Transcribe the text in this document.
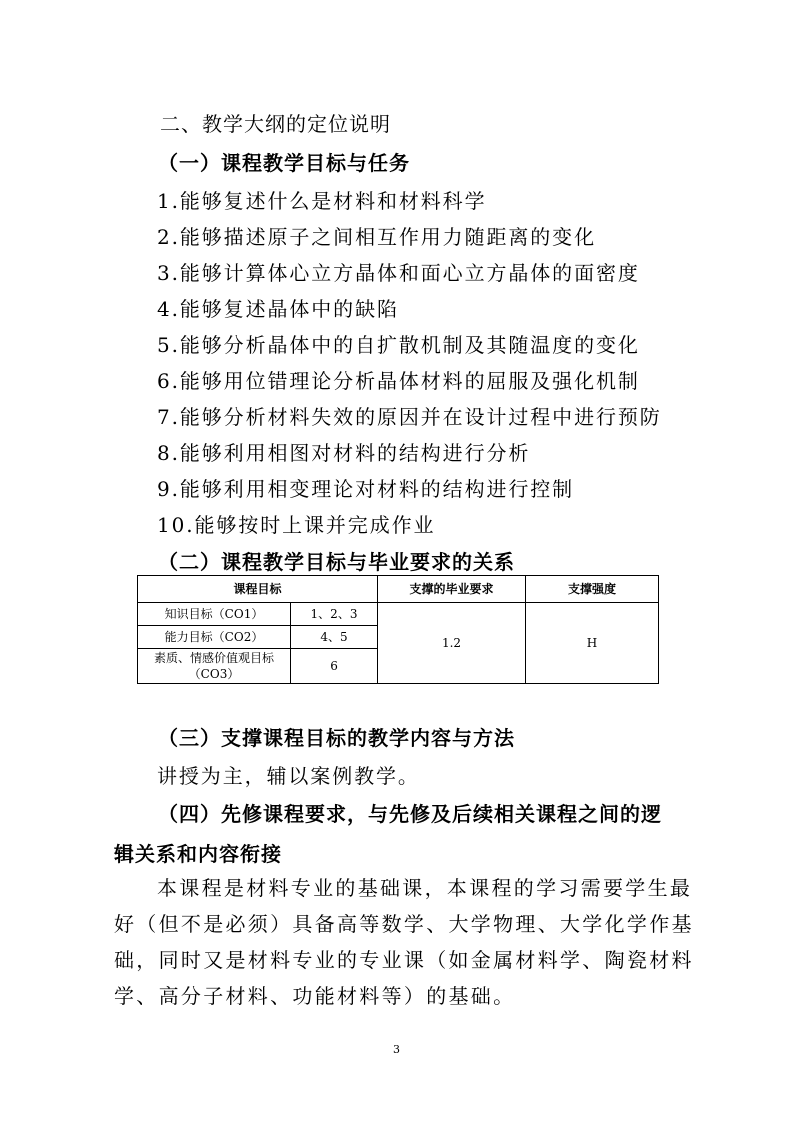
二、教学大纲的定位说明
（一）课程教学目标与任务
1.能够复述什么是材料和材料科学
2.能够描述原子之间相互作用力随距离的变化
3.能够计算体心立方晶体和面心立方晶体的面密度
4.能够复述晶体中的缺陷
5.能够分析晶体中的自扩散机制及其随温度的变化
6.能够用位错理论分析晶体材料的屈服及强化机制
7.能够分析材料失效的原因并在设计过程中进行预防
8.能够利用相图对材料的结构进行分析
9.能够利用相变理论对材料的结构进行控制
10.能够按时上课并完成作业
（二）课程教学目标与毕业要求的关系
课程目标		支撑的毕业要求	支撑强度
知识目标（CO1）	1、2、3	1.2	H
能力目标（CO2）	4、5		
素质、情感价值观目标（CO3）	6		
（三）支撑课程目标的教学内容与方法
讲授为主，辅以案例教学。
（四）先修课程要求，与先修及后续相关课程之间的逻
辑关系和内容衔接
本课程是材料专业的基础课，本课程的学习需要学生最
好（但不是必须）具备高等数学、大学物理、大学化学作基
础，同时又是材料专业的专业课（如金属材料学、陶瓷材料
学、高分子材料、功能材料等）的基础。
3
